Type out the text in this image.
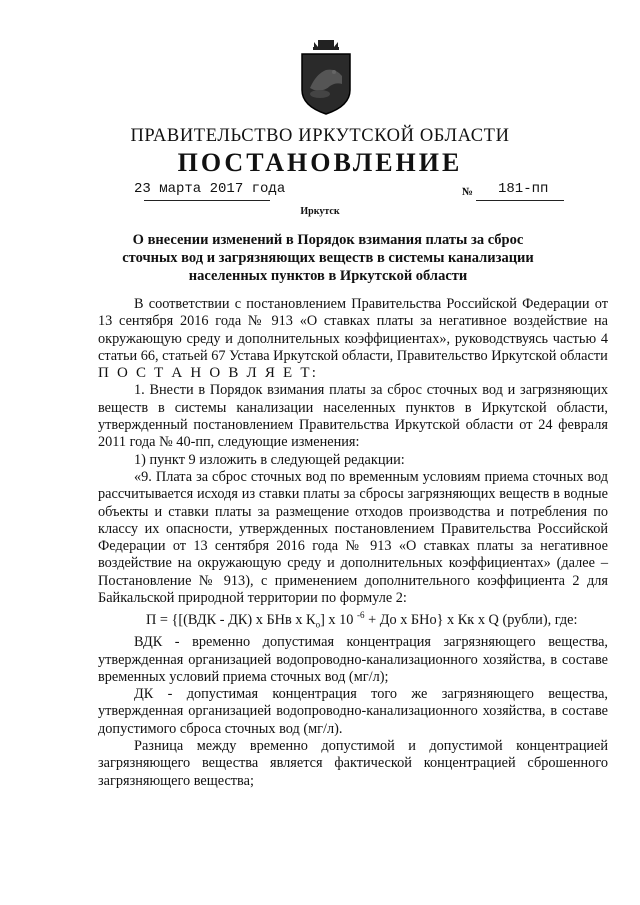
ПРАВИТЕЛЬСТВО ИРКУТСКОЙ ОБЛАСТИ
ПОСТАНОВЛЕНИЕ
23 марта 2017 года	№ 181-пп
Иркутск
О внесении изменений в Порядок взимания платы за сброс сточных вод и загрязняющих веществ в системы канализации населенных пунктов в Иркутской области

В соответствии с постановлением Правительства Российской Федерации от 13 сентября 2016 года № 913 «О ставках платы за негативное воздействие на окружающую среду и дополнительных коэффициентах», руководствуясь частью 4 статьи 66, статьей 67 Устава Иркутской области, Правительство Иркутской области

П О С Т А Н О В Л Я Е Т:

1. Внести в Порядок взимания платы за сброс сточных вод и загрязняющих веществ в системы канализации населенных пунктов в Иркутской области, утвержденный постановлением Правительства Иркутской области от 24 февраля 2011 года № 40-пп, следующие изменения:

1) пункт 9 изложить в следующей редакции:

«9. Плата за сброс сточных вод по временным условиям приема сточных вод рассчитывается исходя из ставки платы за сбросы загрязняющих веществ в водные объекты и ставки платы за размещение отходов производства и потребления по классу их опасности, утвержденных постановлением Правительства Российской Федерации от 13 сентября 2016 года № 913 «О ставках платы за негативное воздействие на окружающую среду и дополнительных коэффициентах» (далее – Постановление № 913), с применением дополнительного коэффициента 2 для Байкальской природной территории по формуле 2:

П = {[(ВДК - ДК) х БНв х $К_о$] х 10 $^{-6}$ + До х БНо} х Кк х Q (рубли), где:

ВДК - временно допустимая концентрация загрязняющего вещества, утвержденная организацией водопроводно-канализационного хозяйства, в составе временных условий приема сточных вод (мг/л);

ДК - допустимая концентрация того же загрязняющего вещества, утвержденная организацией водопроводно-канализационного хозяйства, в составе допустимого сброса сточных вод (мг/л).

Разница между временно допустимой и допустимой концентрацией загрязняющего вещества является фактической концентрацией сброшенного загрязняющего вещества;
